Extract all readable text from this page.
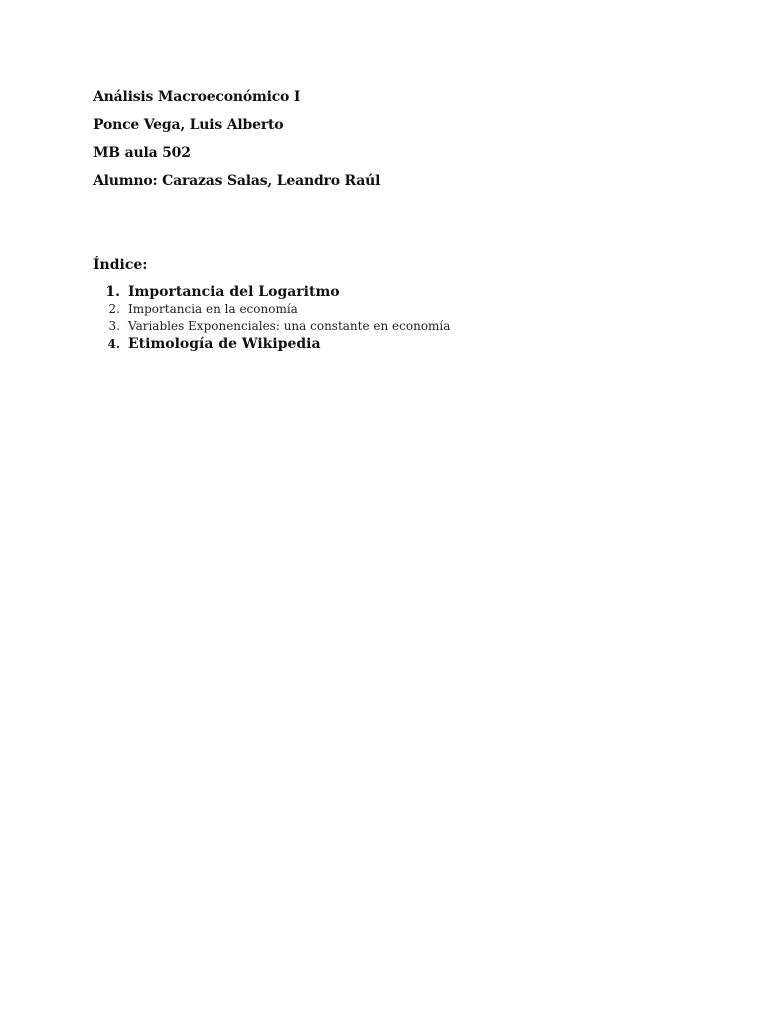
Análisis Macroeconómico I
Ponce Vega, Luis Alberto
MB aula 502
Alumno: Carazas Salas, Leandro Raúl
Índice:
1. Importancia del Logaritmo
2. Importancia en la economía
3. Variables Exponenciales: una constante en economía
4. Etimología de Wikipedia
